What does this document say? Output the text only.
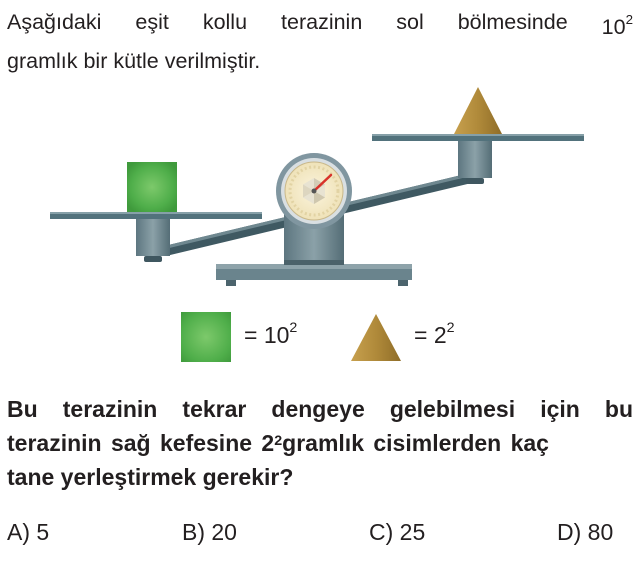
Aşağıdaki eşit kollu terazinin sol bölmesinde $10^2$
gramlık bir kütle verilmiştir.
= $10^2$	= $2^2$
Bu terazinin tekrar dengeye gelebilmesi için bu
terazinin sağ kefesine $2^2$ gramlık cisimlerden kaç
tane yerleştirmek gerekir?
A) 5	B) 20	C) 25	D) 80
